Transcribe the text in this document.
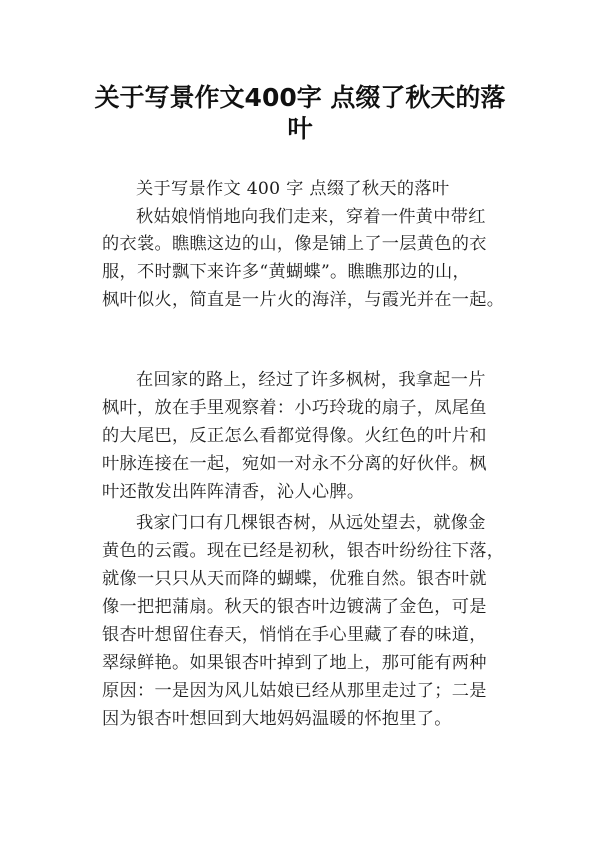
关于写景作文400字 点缀了秋天的落
叶
关于写景作文 400 字 点缀了秋天的落叶
秋姑娘悄悄地向我们走来，穿着一件黄中带红
的衣裳。瞧瞧这边的山，像是铺上了一层黄色的衣
服，不时飘下来许多“黄蝴蝶”。瞧瞧那边的山，
枫叶似火，简直是一片火的海洋，与霞光并在一起。
在回家的路上，经过了许多枫树，我拿起一片
枫叶，放在手里观察着：小巧玲珑的扇子，凤尾鱼
的大尾巴，反正怎么看都觉得像。火红色的叶片和
叶脉连接在一起，宛如一对永不分离的好伙伴。枫
叶还散发出阵阵清香，沁人心脾。
我家门口有几棵银杏树，从远处望去，就像金
黄色的云霞。现在已经是初秋，银杏叶纷纷往下落，
就像一只只从天而降的蝴蝶，优雅自然。银杏叶就
像一把把蒲扇。秋天的银杏叶边镀满了金色，可是
银杏叶想留住春天，悄悄在手心里藏了春的味道，
翠绿鲜艳。如果银杏叶掉到了地上，那可能有两种
原因：一是因为风儿姑娘已经从那里走过了；二是
因为银杏叶想回到大地妈妈温暖的怀抱里了。
